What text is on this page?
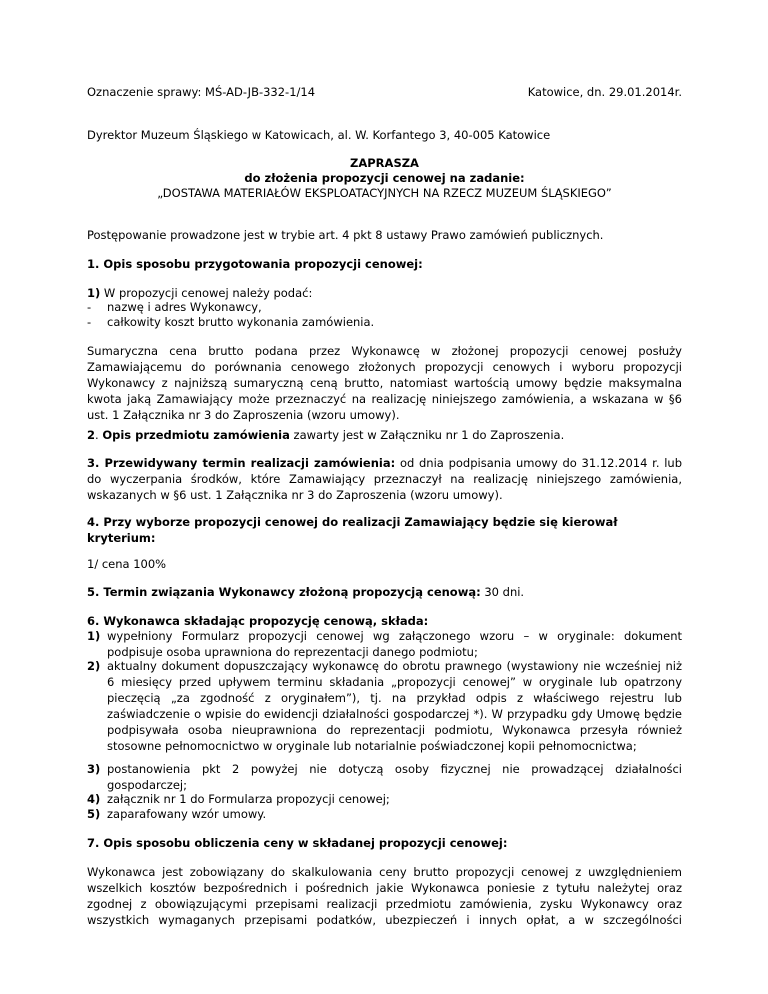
Oznaczenie sprawy: MŚ-AD-JB-332-1/14	Katowice, dn. 29.01.2014r.
Dyrektor Muzeum Śląskiego w Katowicach, al. W. Korfantego 3, 40-005 Katowice
ZAPRASZA
do złożenia propozycji cenowej na zadanie:
„DOSTAWA MATERIAŁÓW EKSPLOATACYJNYCH NA RZECZ MUZEUM ŚLĄSKIEGO”
Postępowanie prowadzone jest w trybie art. 4 pkt 8 ustawy Prawo zamówień publicznych.
1. Opis sposobu przygotowania propozycji cenowej:
1) W propozycji cenowej należy podać:
- nazwę i adres Wykonawcy,
- całkowity koszt brutto wykonania zamówienia.
Sumaryczna cena brutto podana przez Wykonawcę w złożonej propozycji cenowej posłuży Zamawiającemu do porównania cenowego złożonych propozycji cenowych i wyboru propozycji Wykonawcy z najniższą sumaryczną ceną brutto, natomiast wartością umowy będzie maksymalna kwota jaką Zamawiający może przeznaczyć na realizację niniejszego zamówienia, a wskazana w §6 ust. 1 Załącznika nr 3 do Zaproszenia (wzoru umowy).
2. Opis przedmiotu zamówienia zawarty jest w Załączniku nr 1 do Zaproszenia.
3. Przewidywany termin realizacji zamówienia: od dnia podpisania umowy do 31.12.2014 r. lub do wyczerpania środków, które Zamawiający przeznaczył na realizację niniejszego zamówienia, wskazanych w §6 ust. 1 Załącznika nr 3 do Zaproszenia (wzoru umowy).
4. Przy wyborze propozycji cenowej do realizacji Zamawiający będzie się kierował kryterium:
1/ cena 100%
5. Termin związania Wykonawcy złożoną propozycją cenową: 30 dni.
6. Wykonawca składając propozycję cenową, składa:
1) wypełniony Formularz propozycji cenowej wg załączonego wzoru – w oryginale: dokument podpisuje osoba uprawniona do reprezentacji danego podmiotu;
2) aktualny dokument dopuszczający wykonawcę do obrotu prawnego (wystawiony nie wcześniej niż 6 miesięcy przed upływem terminu składania „propozycji cenowej” w oryginale lub opatrzony pieczęcią „za zgodność z oryginałem”), tj. na przykład odpis z właściwego rejestru lub zaświadczenie o wpisie do ewidencji działalności gospodarczej *). W przypadku gdy Umowę będzie podpisywała osoba nieuprawniona do reprezentacji podmiotu, Wykonawca przesyła również stosowne pełnomocnictwo w oryginale lub notarialnie poświadczonej kopii pełnomocnictwa;
3) postanowienia pkt 2 powyżej nie dotyczą osoby fizycznej nie prowadzącej działalności gospodarczej;
4) załącznik nr 1 do Formularza propozycji cenowej;
5) zaparafowany wzór umowy.
7. Opis sposobu obliczenia ceny w składanej propozycji cenowej:
Wykonawca jest zobowiązany do skalkulowania ceny brutto propozycji cenowej z uwzględnieniem wszelkich kosztów bezpośrednich i pośrednich jakie Wykonawca poniesie z tytułu należytej oraz zgodnej z obowiązującymi przepisami realizacji przedmiotu zamówienia, zysku Wykonawcy oraz wszystkich wymaganych przepisami podatków, ubezpieczeń i innych opłat, a w szczególności
